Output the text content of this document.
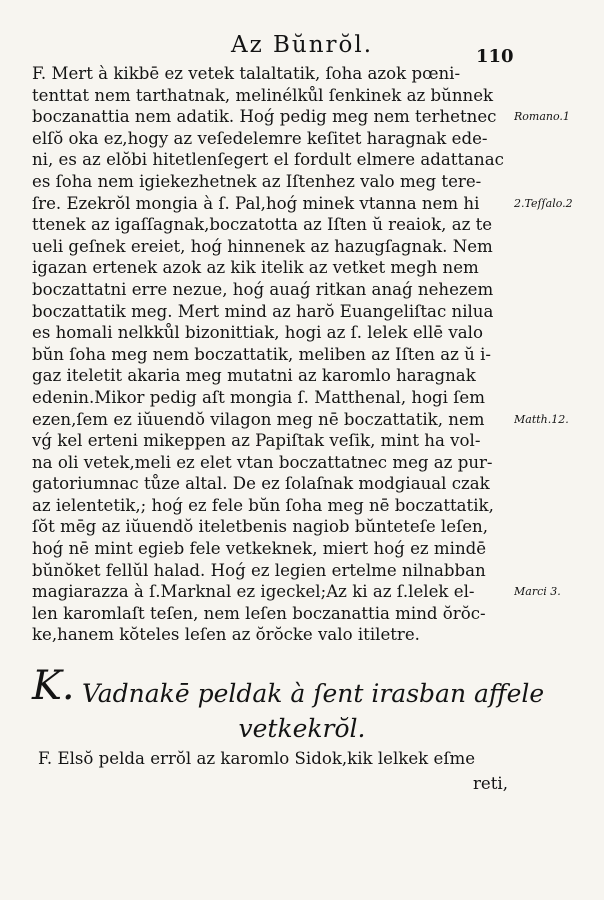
Az Bŭnrŏl.	110
F. Mert à kikbē ez vetek talaltatik, ſoha azok pœni-
tenttat nem tarthatnak, melinélkůl ſenkinek az bŭnnek
boczanattia nem adatik. Hoǵ pedig meg nem terhetnec
elſŏ oka ez,hogy az veſedelemre keſitet haragnak ede-
ni, es az elŏbi hitetlenſegert el fordult elmere adattanac
es ſoha nem igiekezhetnek az Iſtenhez valo meg tere-
ſre. Ezekrŏl mongia à ſ. Pal,hoǵ minek vtanna nem hi
ttenek az igaſſagnak,boczatotta az Iſten ŭ reaiok, az te
ueli geſnek ereiet, hoǵ hinnenek az hazugſagnak. Nem
igazan ertenek azok az kik itelik az vetket megh nem
boczattatni erre nezue, hoǵ auaǵ ritkan anaǵ nehezem
boczattatik meg. Mert mind az harŏ Euangeliſtac nilua
es homali nelkkůl bizonittiak, hogi az ſ. lelek ellē valo
bŭn ſoha meg nem boczattatik, meliben az Iſten az ŭ i-
gaz iteletit akaria meg mutatni az karomlo haragnak
edenin.Mikor pedig aſt mongia ſ. Matthenal, hogi ſem
ezen,ſem ez iŭuendŏ vilagon meg nē boczattatik, nem
vǵ kel erteni mikeppen az Papiſtak veſik, mint ha vol-
na oli vetek,meli ez elet vtan boczattatnec meg az pur-
gatoriumnac tůze altal. De ez ſolaſnak modgiaual czak
az ielentetik,; hoǵ ez fele bŭn ſoha meg nē boczattatik,
ſŏt mēg az iŭuendŏ iteletbenis nagiob bŭnteteſe leſen,
hoǵ nē mint egieb fele vetkeknek, miert hoǵ ez mindē
bŭnŏket fellŭl halad. Hoǵ ez legien ertelme nilnabban
magiarazza à ſ.Marknal ez igeckel;Az ki az ſ.lelek el-
len karomlaſt teſen, nem leſen boczanattia mind ŏrŏc-
ke,hanem kŏteles leſen az ŏrŏcke valo itiletre.
Romano.1
2.Teſſalo.2
Matth.12.
Marci 3.
K. Vadnakē peldak à ſent irasban affele
vetkekrŏl.
F. Elsŏ pelda errŏl az karomlo Sidok,kik lelkek eſme
reti,
